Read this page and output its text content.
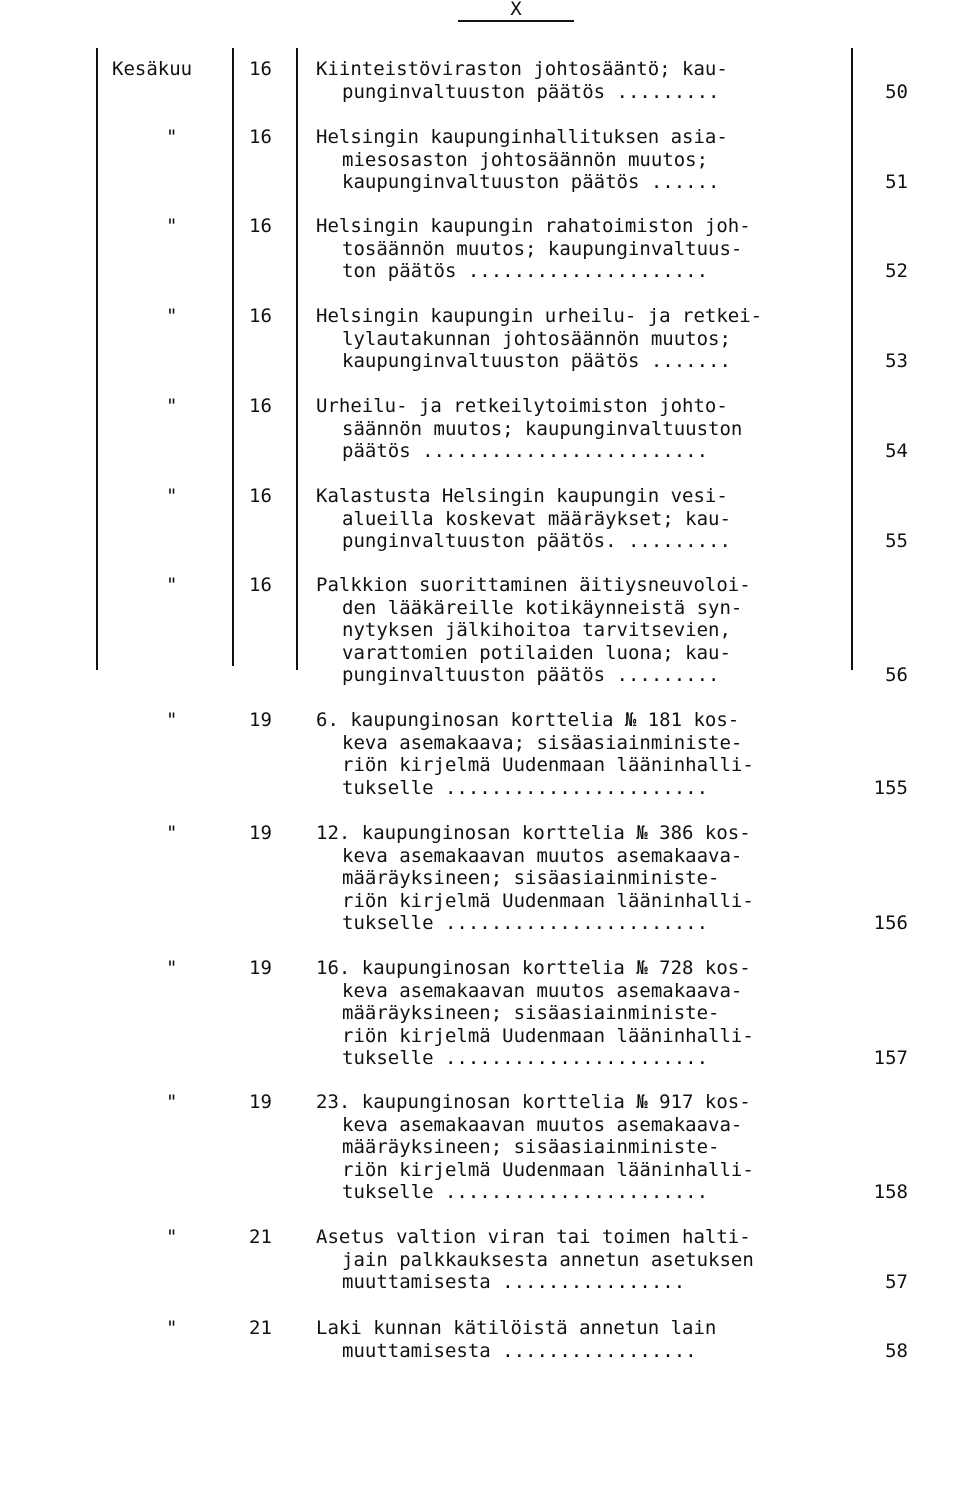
X
Kesäkuu	16 Kiinteistöviraston johtosääntö; kau-
punginvaltuuston päätös .........	50
"	16 Helsingin kaupunginhallituksen asia-
miesosaston johtosäännön muutos;
kaupunginvaltuuston päätös ......	51
"	16 Helsingin kaupungin rahatoimiston joh-
tosäännön muutos; kaupunginvaltuus-
ton päätös .....................	52
"	16 Helsingin kaupungin urheilu- ja retkei-
lylautakunnan johtosäännön muutos;
kaupunginvaltuuston päätös .......	53
"	16 Urheilu- ja retkeilytoimiston johto-
säännön muutos; kaupunginvaltuuston
päätös .........................	54
"	16 Kalastusta Helsingin kaupungin vesi-
alueilla koskevat määräykset; kau-
punginvaltuuston päätös. .........	55
"	16 Palkkion suorittaminen äitiysneuvoloi-
den lääkäreille kotikäynneistä syn-
nytyksen jälkihoitoa tarvitsevien,
varattomien potilaiden luona; kau-
punginvaltuuston päätös .........	56
"	19 6. kaupunginosan korttelia № 181 kos-
keva asemakaava; sisäasiainministe-
riön kirjelmä Uudenmaan lääninhalli-
tukselle .......................	155
"	19 12. kaupunginosan korttelia № 386 kos-
keva asemakaavan muutos asemakaava-
määräyksineen; sisäasiainministe-
riön kirjelmä Uudenmaan lääninhalli-
tukselle .......................	156
"	19 16. kaupunginosan korttelia № 728 kos-
keva asemakaavan muutos asemakaava-
määräyksineen; sisäasiainministe-
riön kirjelmä Uudenmaan lääninhalli-
tukselle .......................	157
"	19 23. kaupunginosan korttelia № 917 kos-
keva asemakaavan muutos asemakaava-
määräyksineen; sisäasiainministe-
riön kirjelmä Uudenmaan lääninhalli-
tukselle .......................	158
"	21 Asetus valtion viran tai toimen halti-
jain palkkauksesta annetun asetuksen
muuttamisesta ................	57
"	21 Laki kunnan kätilöistä annetun lain
muuttamisesta .................	58
